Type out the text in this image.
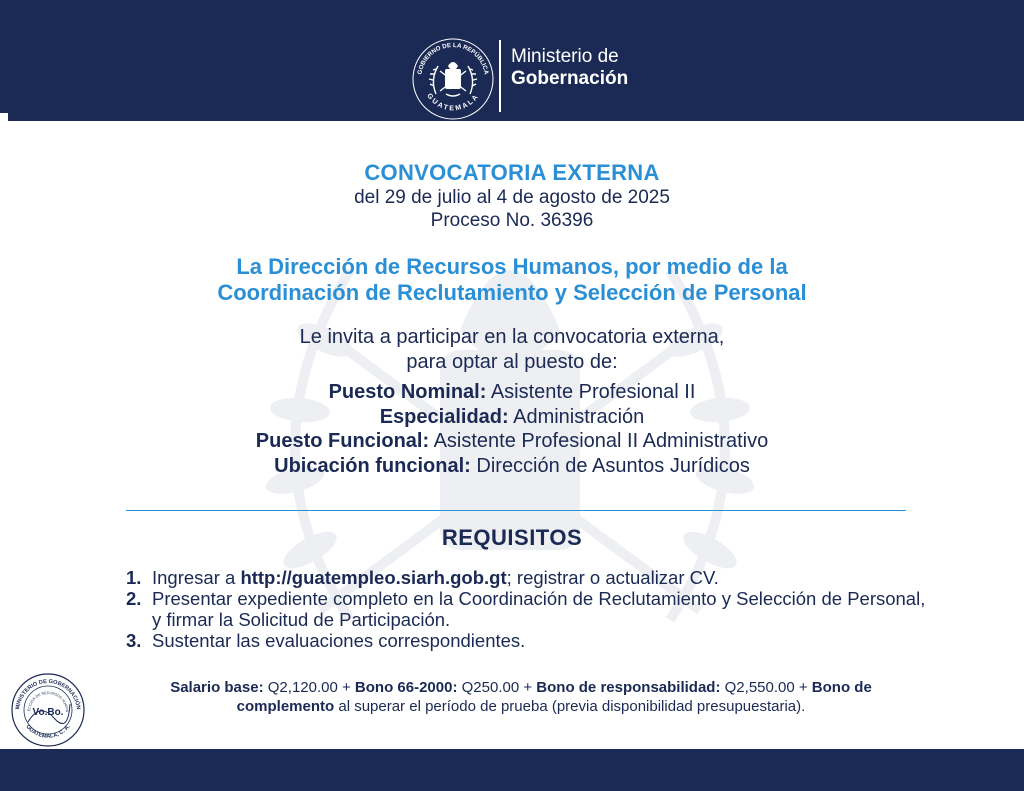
GOBIERNO DE LA REPÚBLICA
GUATEMALA
Ministerio de
Gobernación
CONVOCATORIA EXTERNA
del 29 de julio al 4 de agosto de 2025
Proceso No. 36396
La Dirección de Recursos Humanos, por medio de la
Coordinación de Reclutamiento y Selección de Personal
Le invita a participar en la convocatoria externa,
para optar al puesto de:
Puesto Nominal: Asistente Profesional II
Especialidad: Administración
Puesto Funcional: Asistente Profesional II Administrativo
Ubicación funcional: Dirección de Asuntos Jurídicos
REQUISITOS

1. Ingresar a http://guatempleo.siarh.gob.gt; registrar o actualizar CV.

2. Presentar expediente completo en la Coordinación de Reclutamiento y Selección de Personal, y firmar la Solicitud de Participación.

3. Sustentar las evaluaciones correspondientes.

Salario base: Q2,120.00 + Bono 66-2000: Q250.00 + Bono de responsabilidad: Q2,550.00 + Bono de complemento al superar el período de prueba (previa disponibilidad presupuestaria).
MINISTERIO DE GOBERNACIÓN
ECCIÓN DE RECURSOS HUMAN
GUATEMALA, C. A.
Vo.Bo.
